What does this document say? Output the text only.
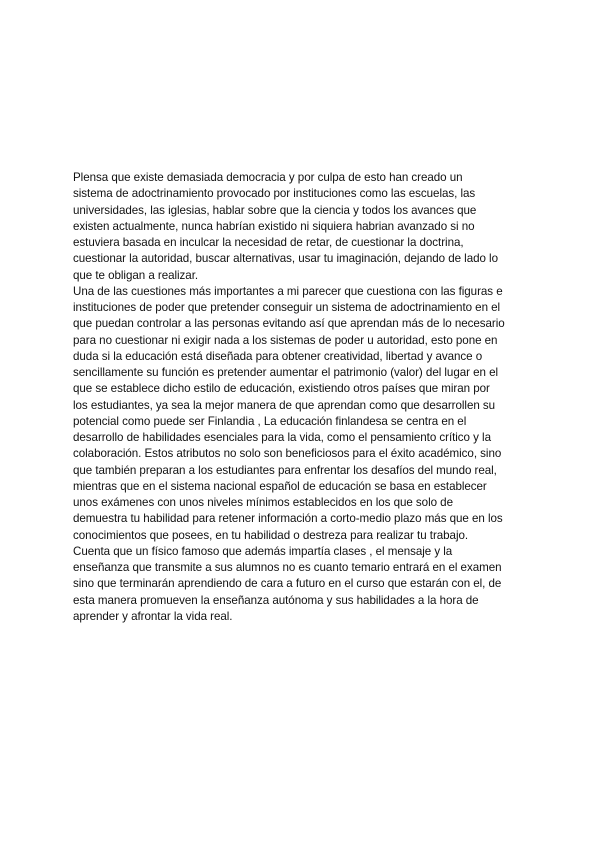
Plensa que existe demasiada democracia y por culpa de esto han creado un
sistema de adoctrinamiento provocado por instituciones como las escuelas, las
universidades, las iglesias, hablar sobre que la ciencia y todos los avances que
existen actualmente, nunca habrían existido ni siquiera habrian avanzado si no
estuviera basada en inculcar la necesidad de retar, de cuestionar la doctrina,
cuestionar la autoridad, buscar alternativas, usar tu imaginación, dejando de lado lo
que te obligan a realizar.
Una de las cuestiones más importantes a mi parecer que cuestiona con las figuras e
instituciones de poder que pretender conseguir un sistema de adoctrinamiento en el
que puedan controlar a las personas evitando así que aprendan más de lo necesario
para no cuestionar ni exigir nada a los sistemas de poder u autoridad, esto pone en
duda si la educación está diseñada para obtener creatividad, libertad y avance o
sencillamente su función es pretender aumentar el patrimonio (valor) del lugar en el
que se establece dicho estilo de educación, existiendo otros países que miran por
los estudiantes, ya sea la mejor manera de que aprendan como que desarrollen su
potencial como puede ser Finlandia , La educación finlandesa se centra en el
desarrollo de habilidades esenciales para la vida, como el pensamiento crítico y la
colaboración. Estos atributos no solo son beneficiosos para el éxito académico, sino
que también preparan a los estudiantes para enfrentar los desafíos del mundo real,
mientras que en el sistema nacional español de educación se basa en establecer
unos exámenes con unos niveles mínimos establecidos en los que solo de
demuestra tu habilidad para retener información a corto-medio plazo más que en los
conocimientos que posees, en tu habilidad o destreza para realizar tu trabajo.
Cuenta que un físico famoso que además impartía clases , el mensaje y la
enseñanza que transmite a sus alumnos no es cuanto temario entrará en el examen
sino que terminarán aprendiendo de cara a futuro en el curso que estarán con el, de
esta manera promueven la enseñanza autónoma y sus habilidades a la hora de
aprender y afrontar la vida real.
